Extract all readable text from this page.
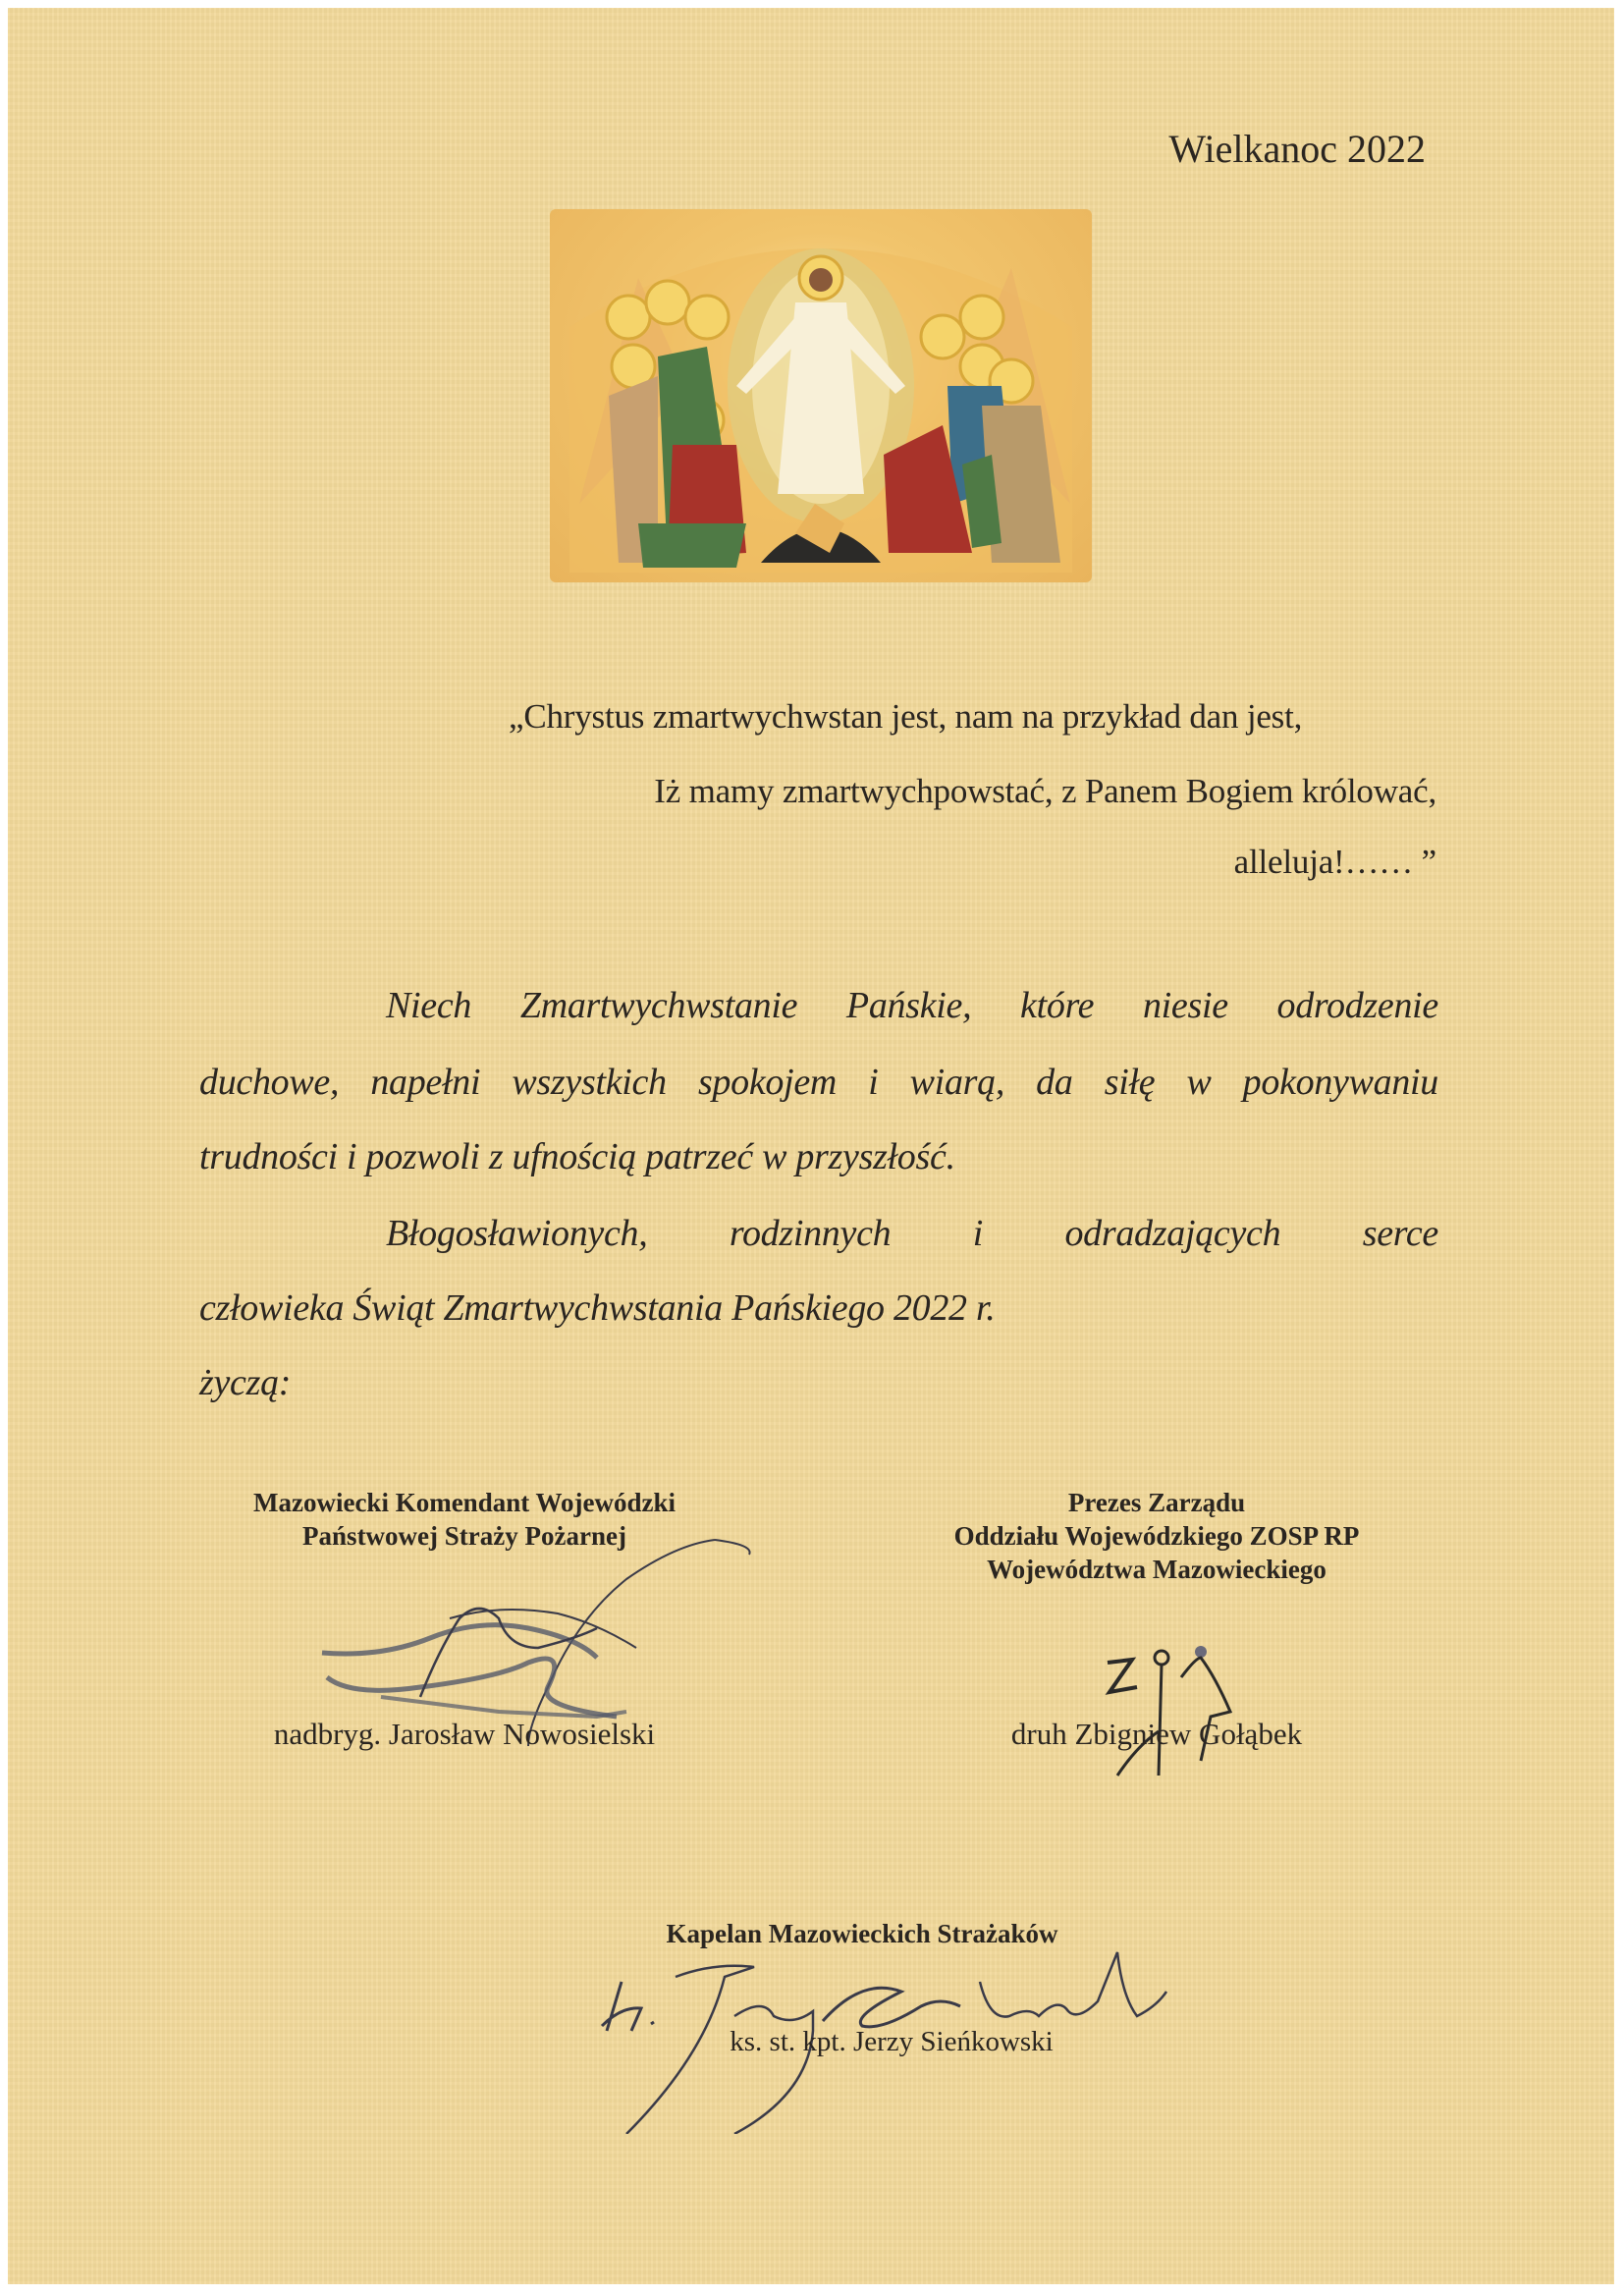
Wielkanoc 2022
„Chrystus zmartwychwstan jest, nam na przykład dan jest,
Iż mamy zmartwychpowstać, z Panem Bogiem królować,
alleluja!…… ”
Niech Zmartwychwstanie Pańskie, które niesie odrodzenie
duchowe, napełni wszystkich spokojem i wiarą, da siłę w pokonywaniu
trudności i pozwoli z ufnością patrzeć w przyszłość.
Błogosławionych, rodzinnych i odradzających serce
człowieka Świąt Zmartwychwstania Pańskiego 2022 r.
życzą:
Mazowiecki Komendant Wojewódzki
Państwowej Straży Pożarnej
nadbryg. Jarosław Nowosielski
Prezes Zarządu
Oddziału Wojewódzkiego ZOSP RP
Województwa Mazowieckiego
druh Zbigniew Gołąbek
Kapelan Mazowieckich Strażaków
ks. st. kpt. Jerzy Sieńkowski
